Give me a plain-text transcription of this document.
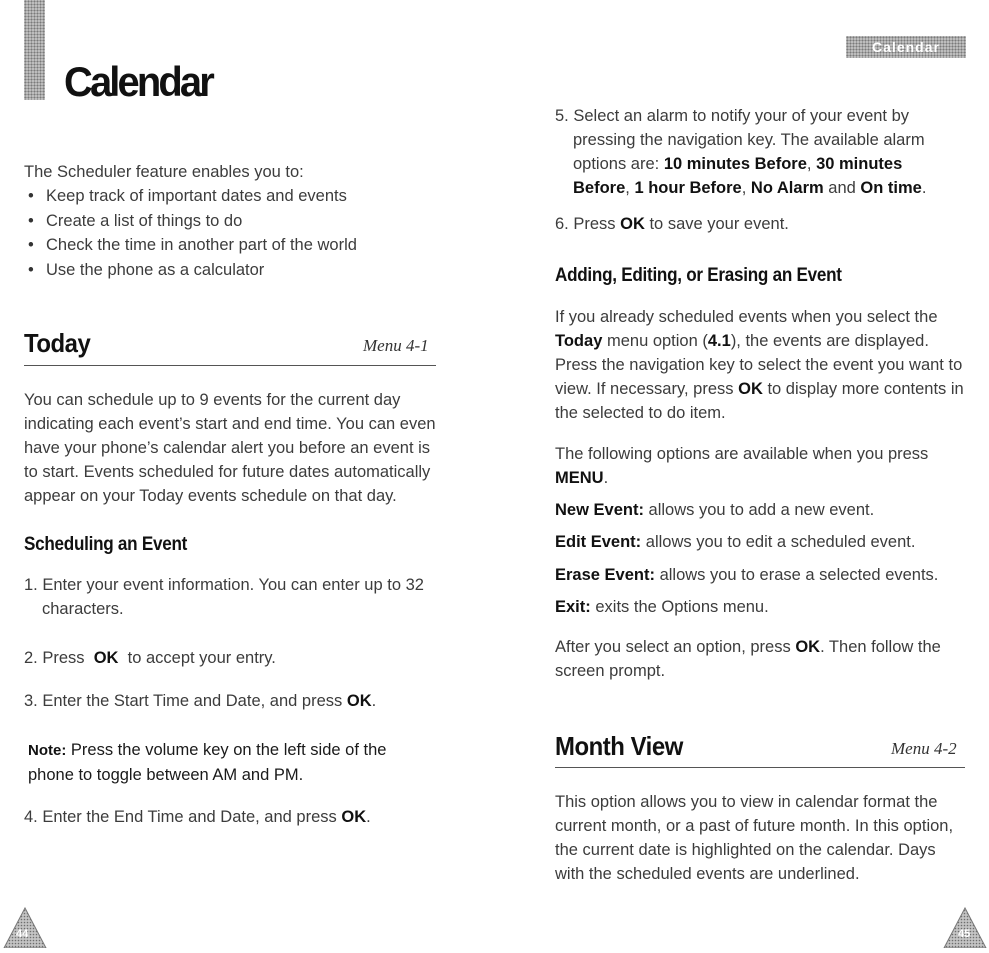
Calendar

The Scheduler feature enables you to:

• Keep track of important dates and events
• Create a list of things to do
• Check the time in another part of the world
• Use the phone as a calculator
Today	Menu 4-1

You can schedule up to 9 events for the current day indicating each event’s start and end time. You can even have your phone’s calendar alert you before an event is to start. Events scheduled for future dates automatically appear on your Today events schedule on that day.

Scheduling an Event

1. Enter your event information. You can enter up to 32 characters.

2. Press OK to accept your entry.

3. Enter the Start Time and Date, and press OK.

Note: Press the volume key on the left side of the phone to toggle between AM and PM.

4. Enter the End Time and Date, and press OK.

44
Calendar

5. Select an alarm to notify your of your event by pressing the navigation key. The available alarm options are: 10 minutes Before, 30 minutes Before, 1 hour Before, No Alarm and On time.

6. Press OK to save your event.

Adding, Editing, or Erasing an Event

If you already scheduled events when you select the Today menu option (4.1), the events are displayed. Press the navigation key to select the event you want to view. If necessary, press OK to display more contents in the selected to do item.

The following options are available when you press MENU.

New Event: allows you to add a new event.

Edit Event: allows you to edit a scheduled event.

Erase Event: allows you to erase a selected events.

Exit: exits the Options menu.

After you select an option, press OK. Then follow the screen prompt.

Month View	Menu 4-2

This option allows you to view in calendar format the current month, or a past of future month. In this option, the current date is highlighted on the calendar. Days with the scheduled events are underlined.

45
